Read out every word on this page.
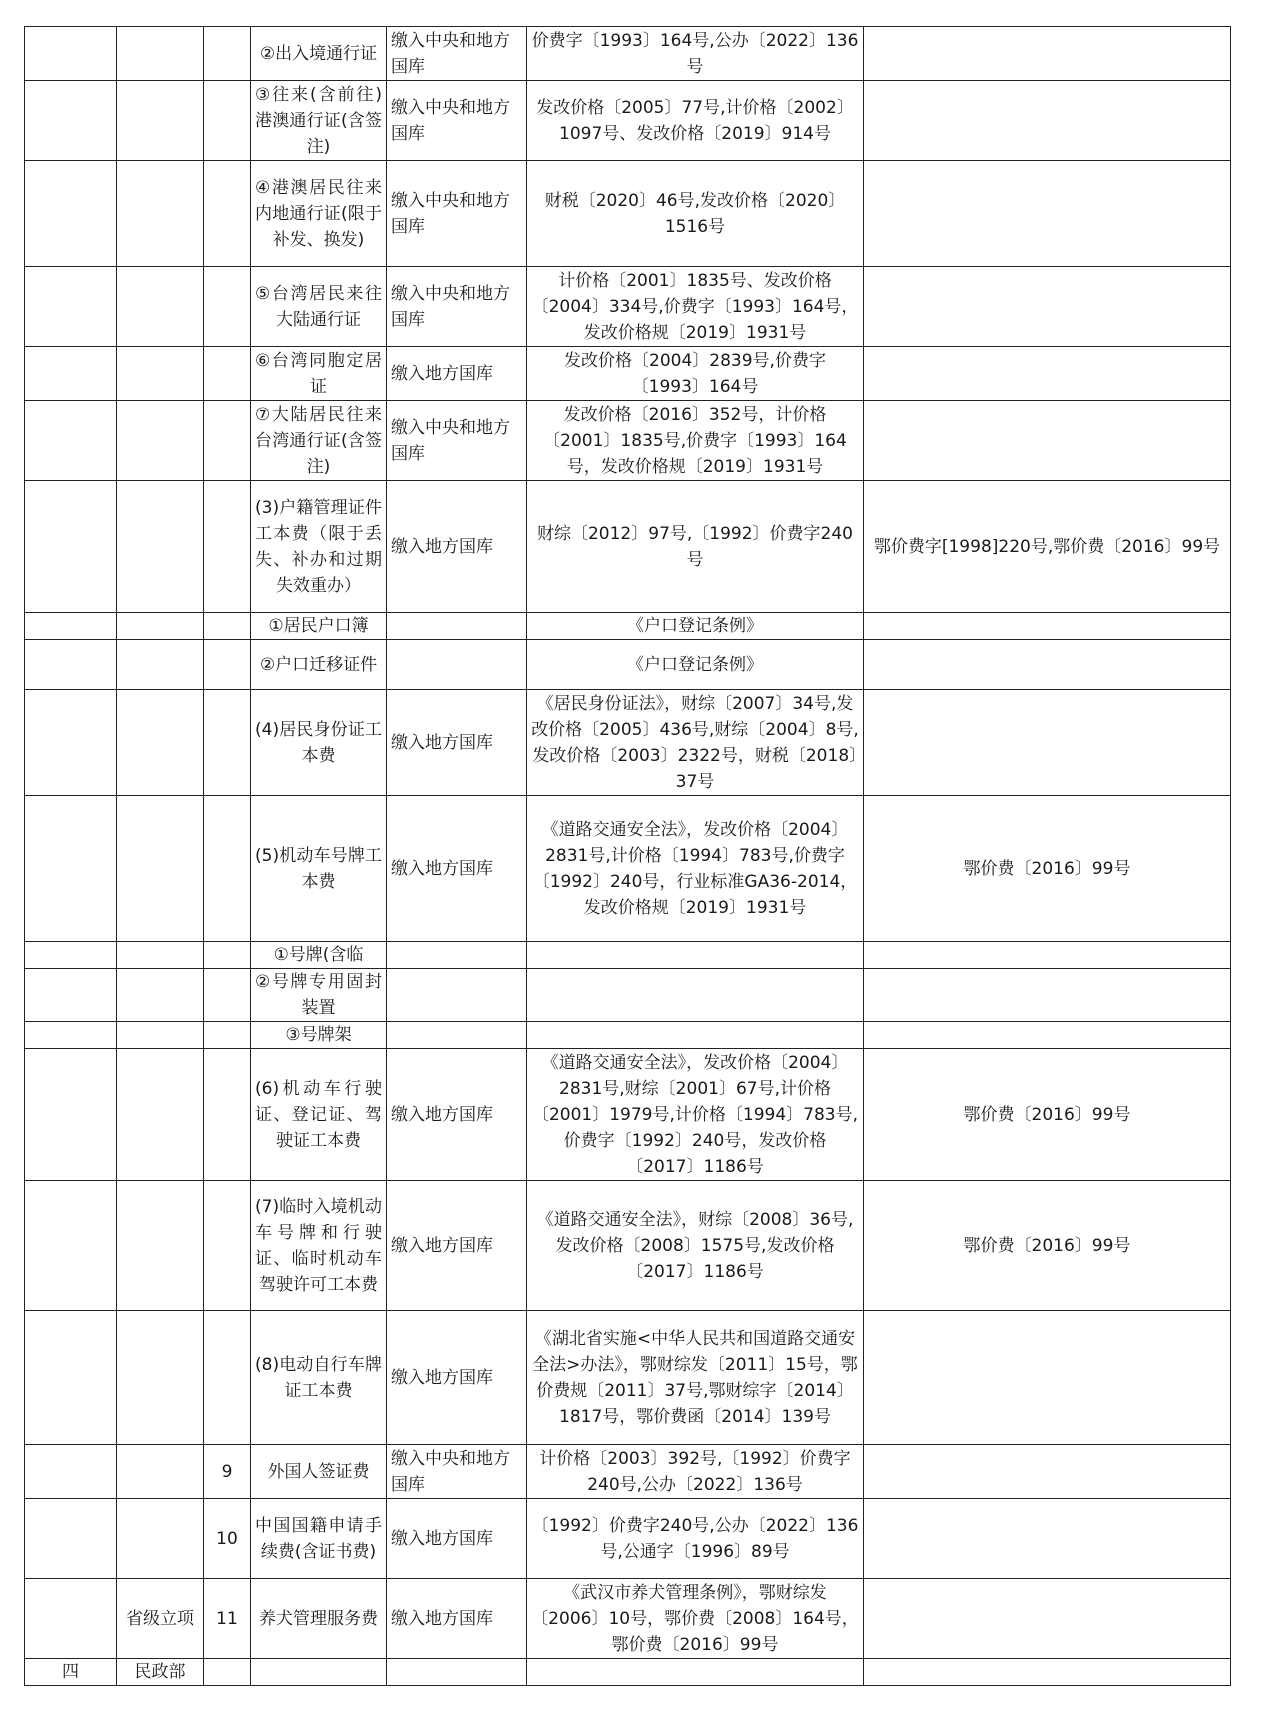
			②出入境通行证	缴入中央和地方国库	价费字〔1993〕164号,公办〔2022〕136号	
			③往来(含前往)港澳通行证(含签注)	缴入中央和地方国库	发改价格〔2005〕77号,计价格〔2002〕1097号、发改价格〔2019〕914号	
			④港澳居民往来内地通行证(限于补发、换发)	缴入中央和地方国库	财税〔2020〕46号,发改价格〔2020〕1516号	
			⑤台湾居民来往大陆通行证	缴入中央和地方国库	计价格〔2001〕1835号、发改价格〔2004〕334号,价费字〔1993〕164号，发改价格规〔2019〕1931号	
			⑥台湾同胞定居证	缴入地方国库	发改价格〔2004〕2839号,价费字〔1993〕164号	
			⑦大陆居民往来台湾通行证(含签注)	缴入中央和地方国库	发改价格〔2016〕352号，计价格〔2001〕1835号,价费字〔1993〕164号，发改价格规〔2019〕1931号	
			(3)户籍管理证件工本费（限于丢失、补办和过期失效重办）	缴入地方国库	财综〔2012〕97号,〔1992〕价费字240号	鄂价费字[1998]220号,鄂价费〔2016〕99号
			①居民户口簿		《户口登记条例》	
			②户口迁移证件		《户口登记条例》	
			(4)居民身份证工本费	缴入地方国库	《居民身份证法》，财综〔2007〕34号,发改价格〔2005〕436号,财综〔2004〕8号,发改价格〔2003〕2322号，财税〔2018〕37号	
			(5)机动车号牌工本费	缴入地方国库	《道路交通安全法》，发改价格〔2004〕2831号,计价格〔1994〕783号,价费字〔1992〕240号，行业标准GA36-2014，发改价格规〔2019〕1931号	鄂价费〔2016〕99号
			①号牌(含临			
			②号牌专用固封装置			
			③号牌架			
			(6)机动车行驶证、登记证、驾驶证工本费	缴入地方国库	《道路交通安全法》，发改价格〔2004〕2831号,财综〔2001〕67号,计价格〔2001〕1979号,计价格〔1994〕783号,价费字〔1992〕240号，发改价格〔2017〕1186号	鄂价费〔2016〕99号
			(7)临时入境机动车号牌和行驶证、临时机动车驾驶许可工本费	缴入地方国库	《道路交通安全法》，财综〔2008〕36号,发改价格〔2008〕1575号,发改价格〔2017〕1186号	鄂价费〔2016〕99号
			(8)电动自行车牌证工本费	缴入地方国库	《湖北省实施<中华人民共和国道路交通安全法>办法》，鄂财综发〔2011〕15号，鄂价费规〔2011〕37号,鄂财综字〔2014〕1817号，鄂价费函〔2014〕139号	
		9	外国人签证费	缴入中央和地方国库	计价格〔2003〕392号,〔1992〕价费字240号,公办〔2022〕136号	
		10	中国国籍申请手续费(含证书费)	缴入地方国库	〔1992〕价费字240号,公办〔2022〕136号,公通字〔1996〕89号	
	省级立项	11	养犬管理服务费	缴入地方国库	《武汉市养犬管理条例》，鄂财综发〔2006〕10号，鄂价费〔2008〕164号，鄂价费〔2016〕99号	
四	民政部					
